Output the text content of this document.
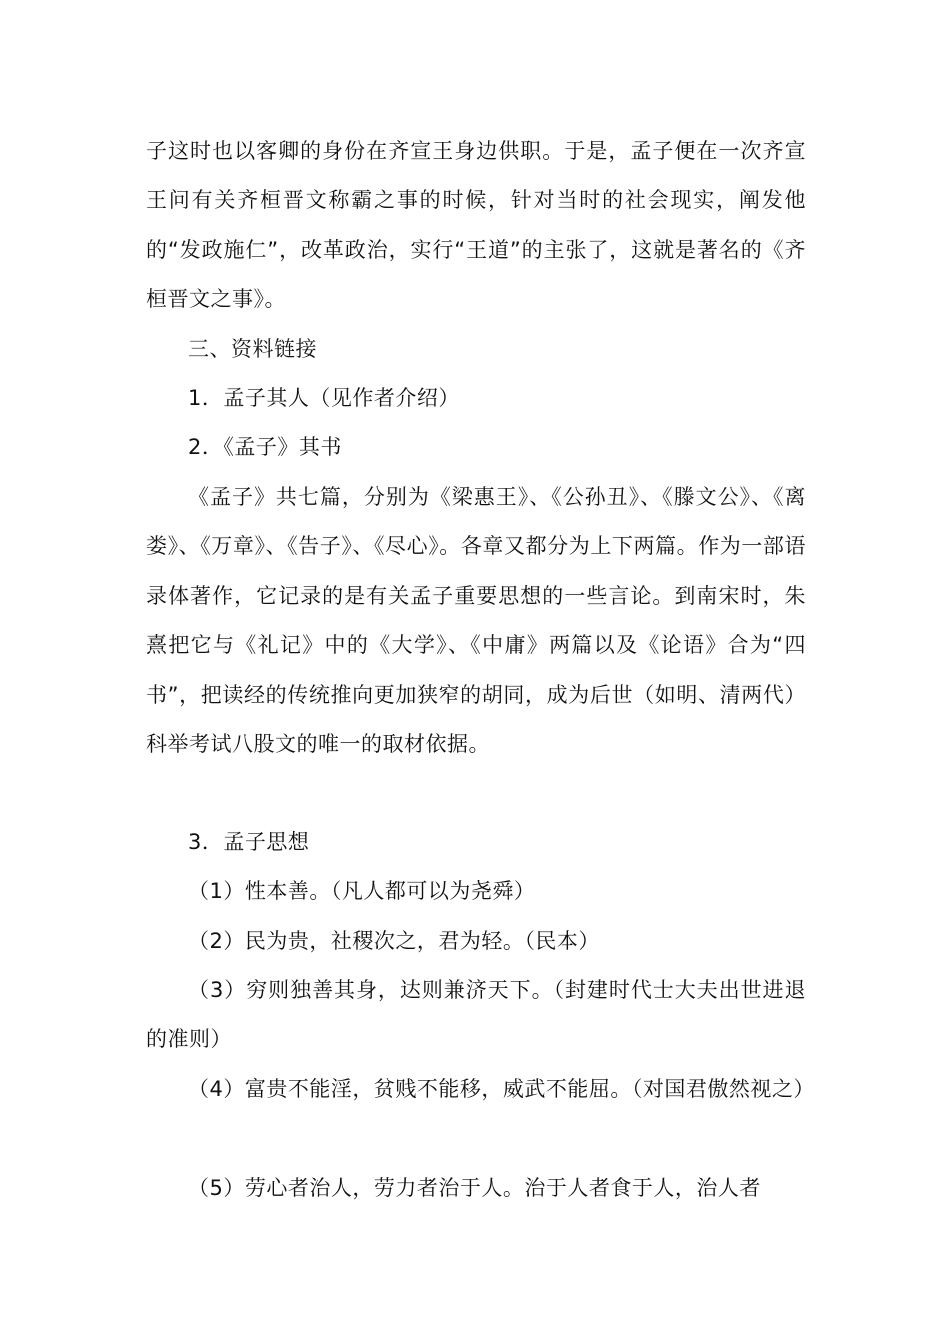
子这时也以客卿的身份在齐宣王身边供职。于是，孟子便在一次齐宣王问有关齐桓晋文称霸之事的时候，针对当时的社会现实，阐发他的“发政施仁”，改革政治，实行“王道”的主张了，这就是著名的《齐桓晋文之事》。

三、资料链接

1．孟子其人（见作者介绍）

2．《孟子》其书

《孟子》共七篇，分别为《梁惠王》、《公孙丑》、《滕文公》、《离娄》、《万章》、《告子》、《尽心》。各章又都分为上下两篇。作为一部语录体著作，它记录的是有关孟子重要思想的一些言论。到南宋时，朱熹把它与《礼记》中的《大学》、《中庸》两篇以及《论语》合为“四书”，把读经的传统推向更加狭窄的胡同，成为后世（如明、清两代）科举考试八股文的唯一的取材依据。

3．孟子思想

（1）性本善。（凡人都可以为尧舜）

（2）民为贵，社稷次之，君为轻。（民本）

（3）穷则独善其身，达则兼济天下。（封建时代士大夫出世进退的准则）

（4）富贵不能淫，贫贱不能移，威武不能屈。（对国君傲然视之）

（5）劳心者治人，劳力者治于人。治于人者食于人，治人者
